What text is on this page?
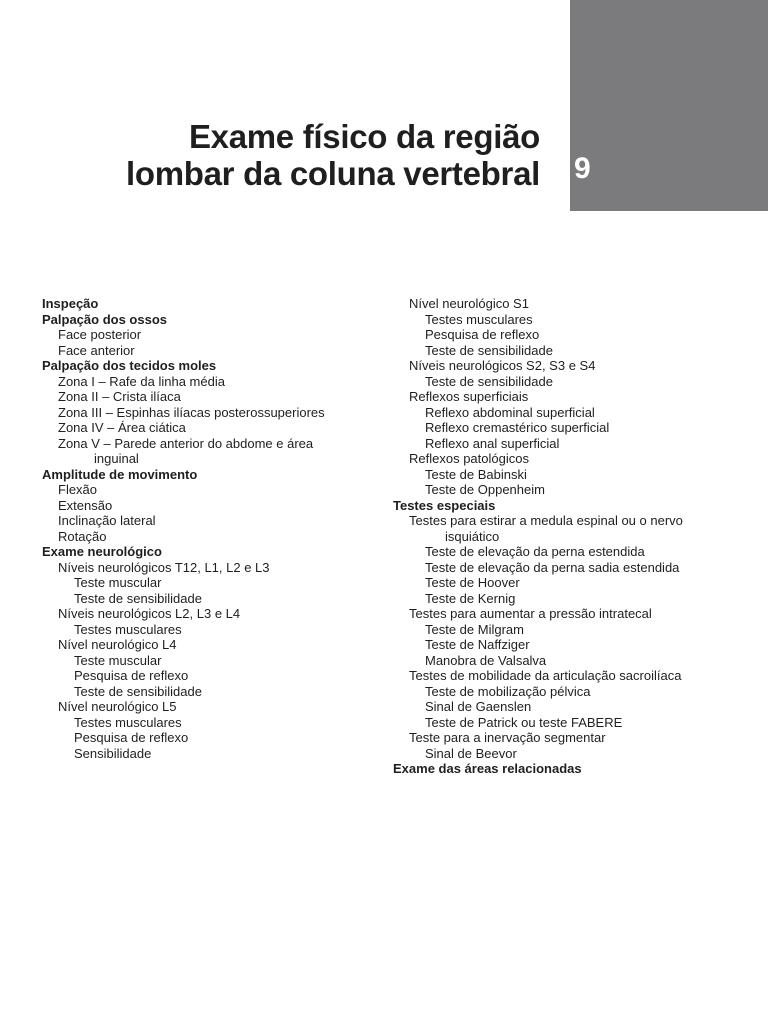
9
Exame físico da região
lombar da coluna vertebral
Inspeção
Palpação dos ossos
Face posterior
Face anterior
Palpação dos tecidos moles
Zona I – Rafe da linha média
Zona II – Crista ilíaca
Zona III – Espinhas ilíacas posterossuperiores
Zona IV – Área ciática
Zona V – Parede anterior do abdome e área
inguinal
Amplitude de movimento
Flexão
Extensão
Inclinação lateral
Rotação
Exame neurológico
Níveis neurológicos T12, L1, L2 e L3
Teste muscular
Teste de sensibilidade
Níveis neurológicos L2, L3 e L4
Testes musculares
Nível neurológico L4
Teste muscular
Pesquisa de reflexo
Teste de sensibilidade
Nível neurológico L5
Testes musculares
Pesquisa de reflexo
Sensibilidade
Nível neurológico S1
Testes musculares
Pesquisa de reflexo
Teste de sensibilidade
Níveis neurológicos S2, S3 e S4
Teste de sensibilidade
Reflexos superficiais
Reflexo abdominal superficial
Reflexo cremastérico superficial
Reflexo anal superficial
Reflexos patológicos
Teste de Babinski
Teste de Oppenheim
Testes especiais
Testes para estirar a medula espinal ou o nervo
isquiático
Teste de elevação da perna estendida
Teste de elevação da perna sadia estendida
Teste de Hoover
Teste de Kernig
Testes para aumentar a pressão intratecal
Teste de Milgram
Teste de Naffziger
Manobra de Valsalva
Testes de mobilidade da articulação sacroilíaca
Teste de mobilização pélvica
Sinal de Gaenslen
Teste de Patrick ou teste FABERE
Teste para a inervação segmentar
Sinal de Beevor
Exame das áreas relacionadas
